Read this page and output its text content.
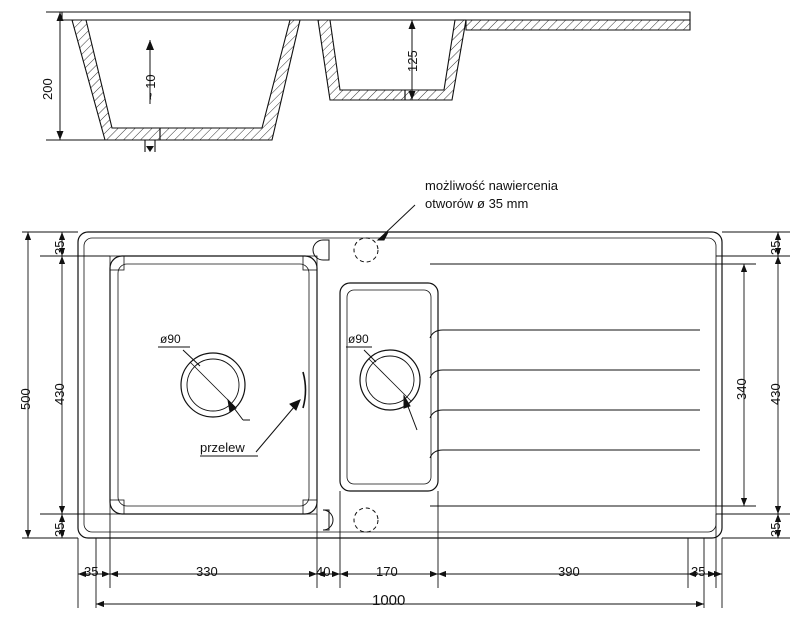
200	~ 10
125
możliwość nawiercenia
otworów ø 35 mm
ø90	ø90
przelew
500 430
35
35
35
35
430
340
35	330	40	170	390	35
1000
